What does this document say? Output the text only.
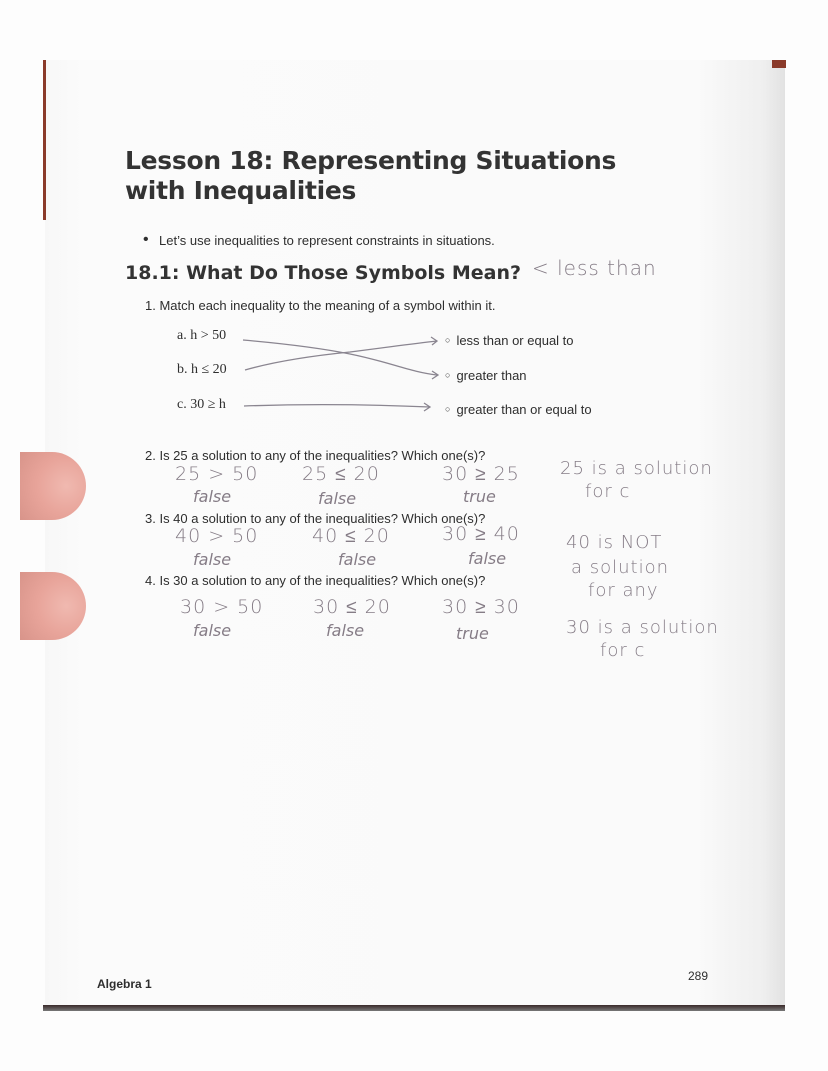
Lesson 18: Representing Situations with Inequalities
• Let’s use inequalities to represent constraints in situations.
18.1: What Do Those Symbols Mean? < less than
1. Match each inequality to the meaning of a symbol within it.
a. h > 50
b. h ≤ 20
c. 30 ≥ h
○ less than or equal to
○ greater than
○ greater than or equal to
2. Is 25 a solution to any of the inequalities? Which one(s)?
25 > 50
false
25 ≤ 20
false
30 ≥ 25
true
25 is a solution
for c
3. Is 40 a solution to any of the inequalities? Which one(s)?
40 > 50
false
40 ≤ 20
false
30 ≥ 40
false
40 is NOT
a solution
for any
4. Is 30 a solution to any of the inequalities? Which one(s)?
30 > 50
false
30 ≤ 20
false
30 ≥ 30
true	30 is a solution
for c
Algebra 1
289
